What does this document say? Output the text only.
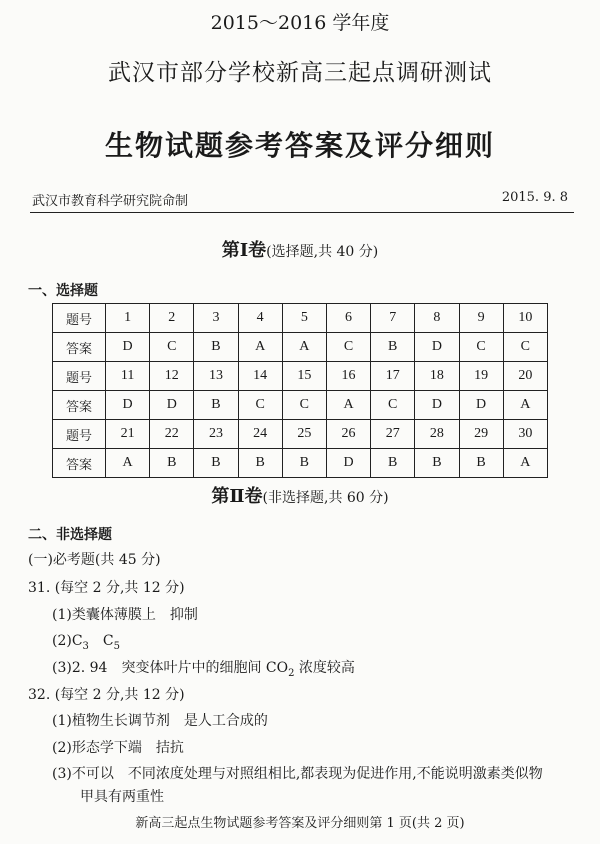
2015～2016 学年度
武汉市部分学校新高三起点调研测试
生物试题参考答案及评分细则
武汉市教育科学研究院命制	2015. 9. 8
第Ⅰ卷(选择题,共 40 分)
一、选择题
题号	1	2	3	4	5	6	7	8	9	10
答案	D	C	B	A	A	C	B	D	C	C
题号	11	12	13	14	15	16	17	18	19	20
答案	D	D	B	C	C	A	C	D	D	A
题号	21	22	23	24	25	26	27	28	29	30
答案	A	B	B	B	B	D	B	B	B	A
第Ⅱ卷(非选择题,共 60 分)
二、非选择题
(一)必考题(共 45 分)
31. (每空 2 分,共 12 分)
(1)类囊体薄膜上　抑制
$(2)C_3$　$C_5$
(3)2. 94　突变体叶片中的细胞间 $CO_2$ 浓度较高
32. (每空 2 分,共 12 分)
(1)植物生长调节剂　是人工合成的
(2)形态学下端　拮抗
(3)不可以　不同浓度处理与对照组相比,都表现为促进作用,不能说明激素类似物
甲具有两重性
新高三起点生物试题参考答案及评分细则第 1 页(共 2 页)
